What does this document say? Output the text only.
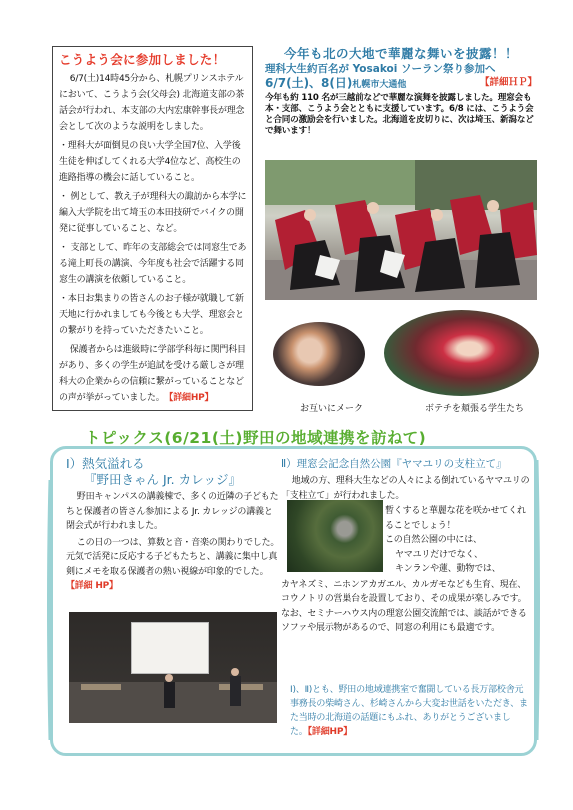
こうよう会に参加しました！

6/7(土)14時45分から、札幌プリンスホテルにおいて、こうよう会(父母会) 北海道支部の茶話会が行われ、本支部の大内宏康幹事長が理念会として次のような説明をしました。

・理科大が面倒見の良い大学全国7位、入学後生徒を伸ばしてくれる大学4位など、高校生の進路指導の機会に話していること。

・ 例として、教え子が理科大の諏訪から本学に編入大学院を出て埼玉の本田技研でバイクの開発に従事していること、など。

・ 支部として、昨年の支部総会では同窓生である滝上町長の講演、今年度も社会で活躍する同窓生の講演を依頼していること。

・本日お集まりの皆さんのお子様が就職して新天地に行かれましても今後とも大学、理窓会との繋がりを持っていただきたいこと。

保護者からは進級時に学部学科毎に関門科目があり、多くの学生が追試を受ける厳しさが理科大の企業からの信頼に繋がっていることなどの声が挙がっていました。　 【詳細HP】

今年も北の大地で華麗な舞いを披露！！
理科大生約百名が Yosakoi ソーラン祭り参加へ
6/7(土)、8(日)札幌市大通他	【詳細ＨＰ】
今年も約 110 名が三越前などで華麗な演舞を披露しました。理窓会も本・支部、こうよう会とともに支援しています。6/8 には、こうよう会と合同の激励会を行いました。北海道を皮切りに、次は埼玉、新潟などで舞います！
お互いにメーク	ボテチを頬張る学生たち
トピックス(6/21(土)野田の地域連携を訪ねて)
Ⅰ）熱気溢れる
『野田きゃん Jr. カレッジ』

野田キャンパスの講義棟で、多くの近隣の子どもたちと保護者の皆さん参加による Jr. カレッジの講義と閉会式が行われました。

この日の一つは、算数と音・音楽の関わりでした。元気で活発に反応する子どもたちと、講義に集中し真剣にメモを取る保護者の熱い視線が印象的でした。【詳細 HP】

Ⅱ）理窓会記念自然公園『ヤマユリの支柱立て』

地域の方、理科大生などの人々による倒れているヤマユリの「支柱立て」が行われました。

暫くすると華麗な花を咲かせてくれることでしょう！

この自然公園の中には、

ヤマユリだけでなく、

キンランや蓮、動物では、

カヤネズミ、ニホンアカガエル、カルガモなども生育、現在、コウノトリの営巣台を設置しており、その成果が楽しみです。なお、セミナーハウス内の理窓公園交流館では、談話ができるソファや展示物があるので、同窓の利用にも最適です。

Ⅰ)、Ⅱ)とも、野田の地域連携室で奮闘している長万部校舎元事務長の柴崎さん、杉崎さんから大変お世話をいただき、また当時の北海道の話題にもふれ、ありがとうございました。【詳細HP】
